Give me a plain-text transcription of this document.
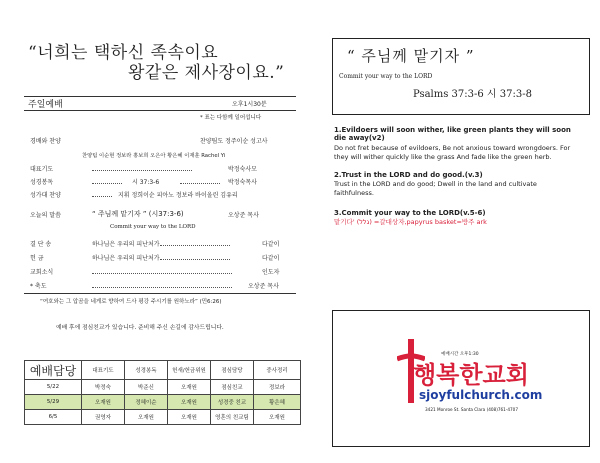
“너희는 택하신 족속이요
왕같은 제사장이요.”
주일예배	오후1시30분
* 표는 다함께 일어섭니다
경배와 찬양	찬양팀도 정주이순 성고사
찬양팀 이순현 정보라 홍보희 오은아 황은혜 이재훈 Rachel Yi
대표기도	박정숙사모
성경봉독	시 37:3-6	박정숙목사
성가대 찬양	지휘 정희이순 피아노 정보라 바이올린 김유리
오늘의 말씀	“ 주님께 맡기자 ” (시37:3-6)	오상준 목사
Commit your way to the LORD
결 단 송	하나님은 우리의 피난처가	다같이
헌 금	하나님은 우리의 피난처가	다같이
교회소식	인도자
* 축도	오상준 목사
“여호와는 그 압곰을 네게로 향하여 드사 평강 주시기를 원하노라” (민6:26)
예배 후에 점심친교가 있습니다. 준비해 주신 손길에 감사드립니다.
예배담당	대표기도	성경봉독	헌새/헌금위원	점심담당	중사정리
5/22	박정숙	박준신	오재원	점심친교	정보라
5/29	오재원	정혜이순	오재원	성경중 친교	황은혜
6/5	권영자	오재원	오재원	영혼의 친교팀	오재원
“ 주님께 맡기자 ”
Commit your way to the LORD
Psalms 37:3-6 시 37:3-8
1.Evildoers will soon wither, like green plants they will soon die away(v2)
Do not fret because of evildoers, Be not anxious toward wrongdoers. For they will wither quickly like the grass And fade like the green herb.
2.Trust in the LORD and do good.(v.3)
Trust in the LORD and do good; Dwell in the land and cultivate faithfulness.
3.Commit your way to the LORD(v.5-6)
맡기다' (גלל) =갈대상자,papyrus basket=방주 ark
예배시간 오후1:30
행복한교회
sjoyfulchurch.com
3421 Monroe St. Santa Clara (408)761-4707
